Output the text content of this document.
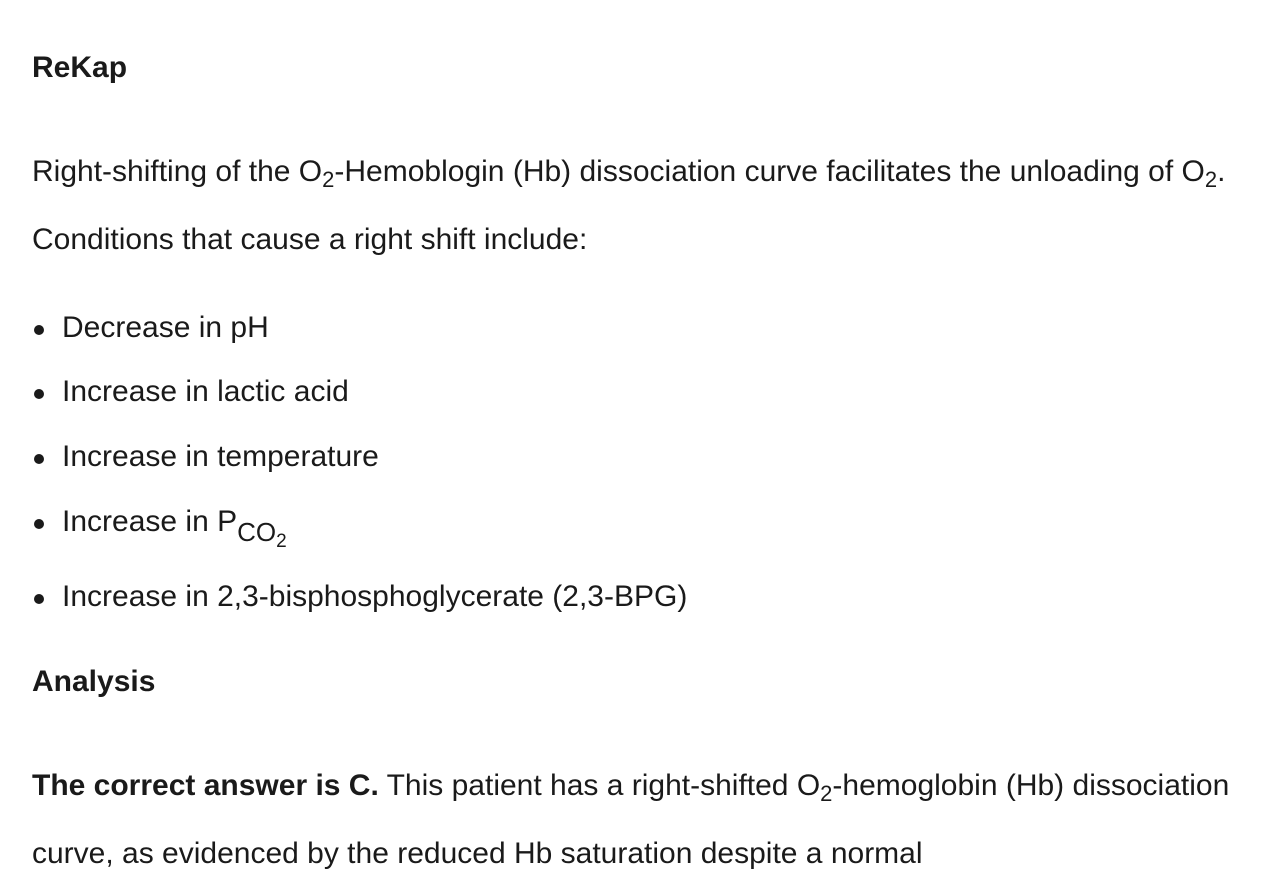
ReKap
Right-shifting of the $O_2$-Hemoblogin (Hb) dissociation curve facilitates the unloading of $O_2$. Conditions that cause a right shift include:
Decrease in pH
Increase in lactic acid
Increase in temperature
Increase in $P_{CO_2}$
Increase in 2,3-bisphosphoglycerate (2,3-BPG)
Analysis
The correct answer is C. This patient has a right-shifted $O_2$-hemoglobin (Hb) dissociation curve, as evidenced by the reduced Hb saturation despite a normal
